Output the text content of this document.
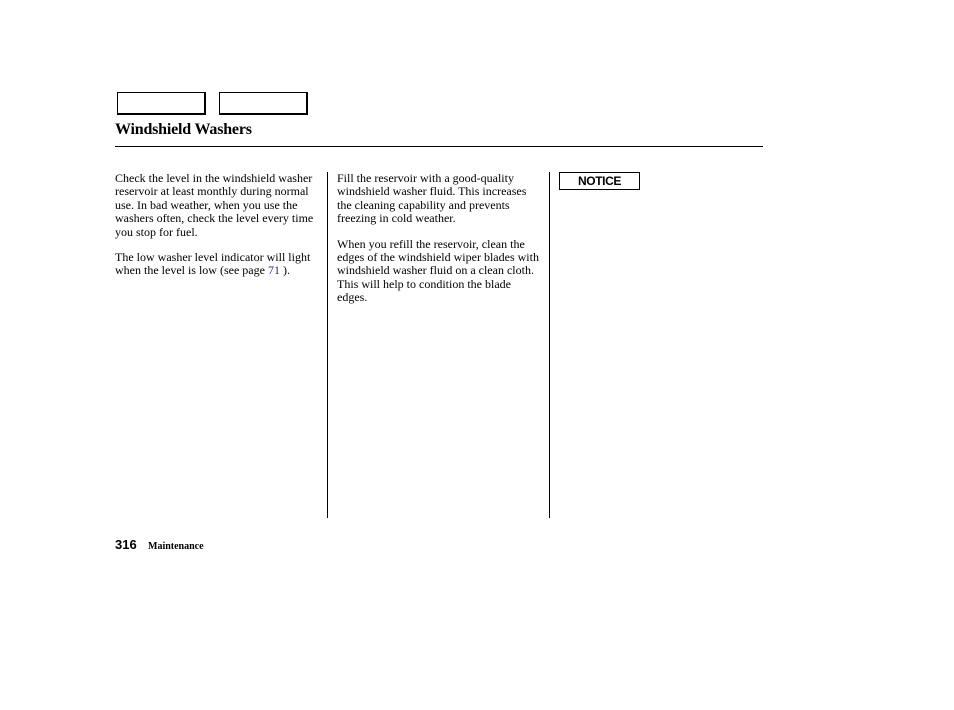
Windshield Washers

Check the level in the windshield washer reservoir at least monthly during normal use. In bad weather, when you use the washers often, check the level every time you stop for fuel.

The low washer level indicator will light when the level is low (see page 71 ).

Fill the reservoir with a good-quality windshield washer fluid. This increases the cleaning capability and prevents freezing in cold weather.

When you refill the reservoir, clean the edges of the windshield wiper blades with windshield washer fluid on a clean cloth. This will help to condition the blade edges.

NOTICE
316 Maintenance
